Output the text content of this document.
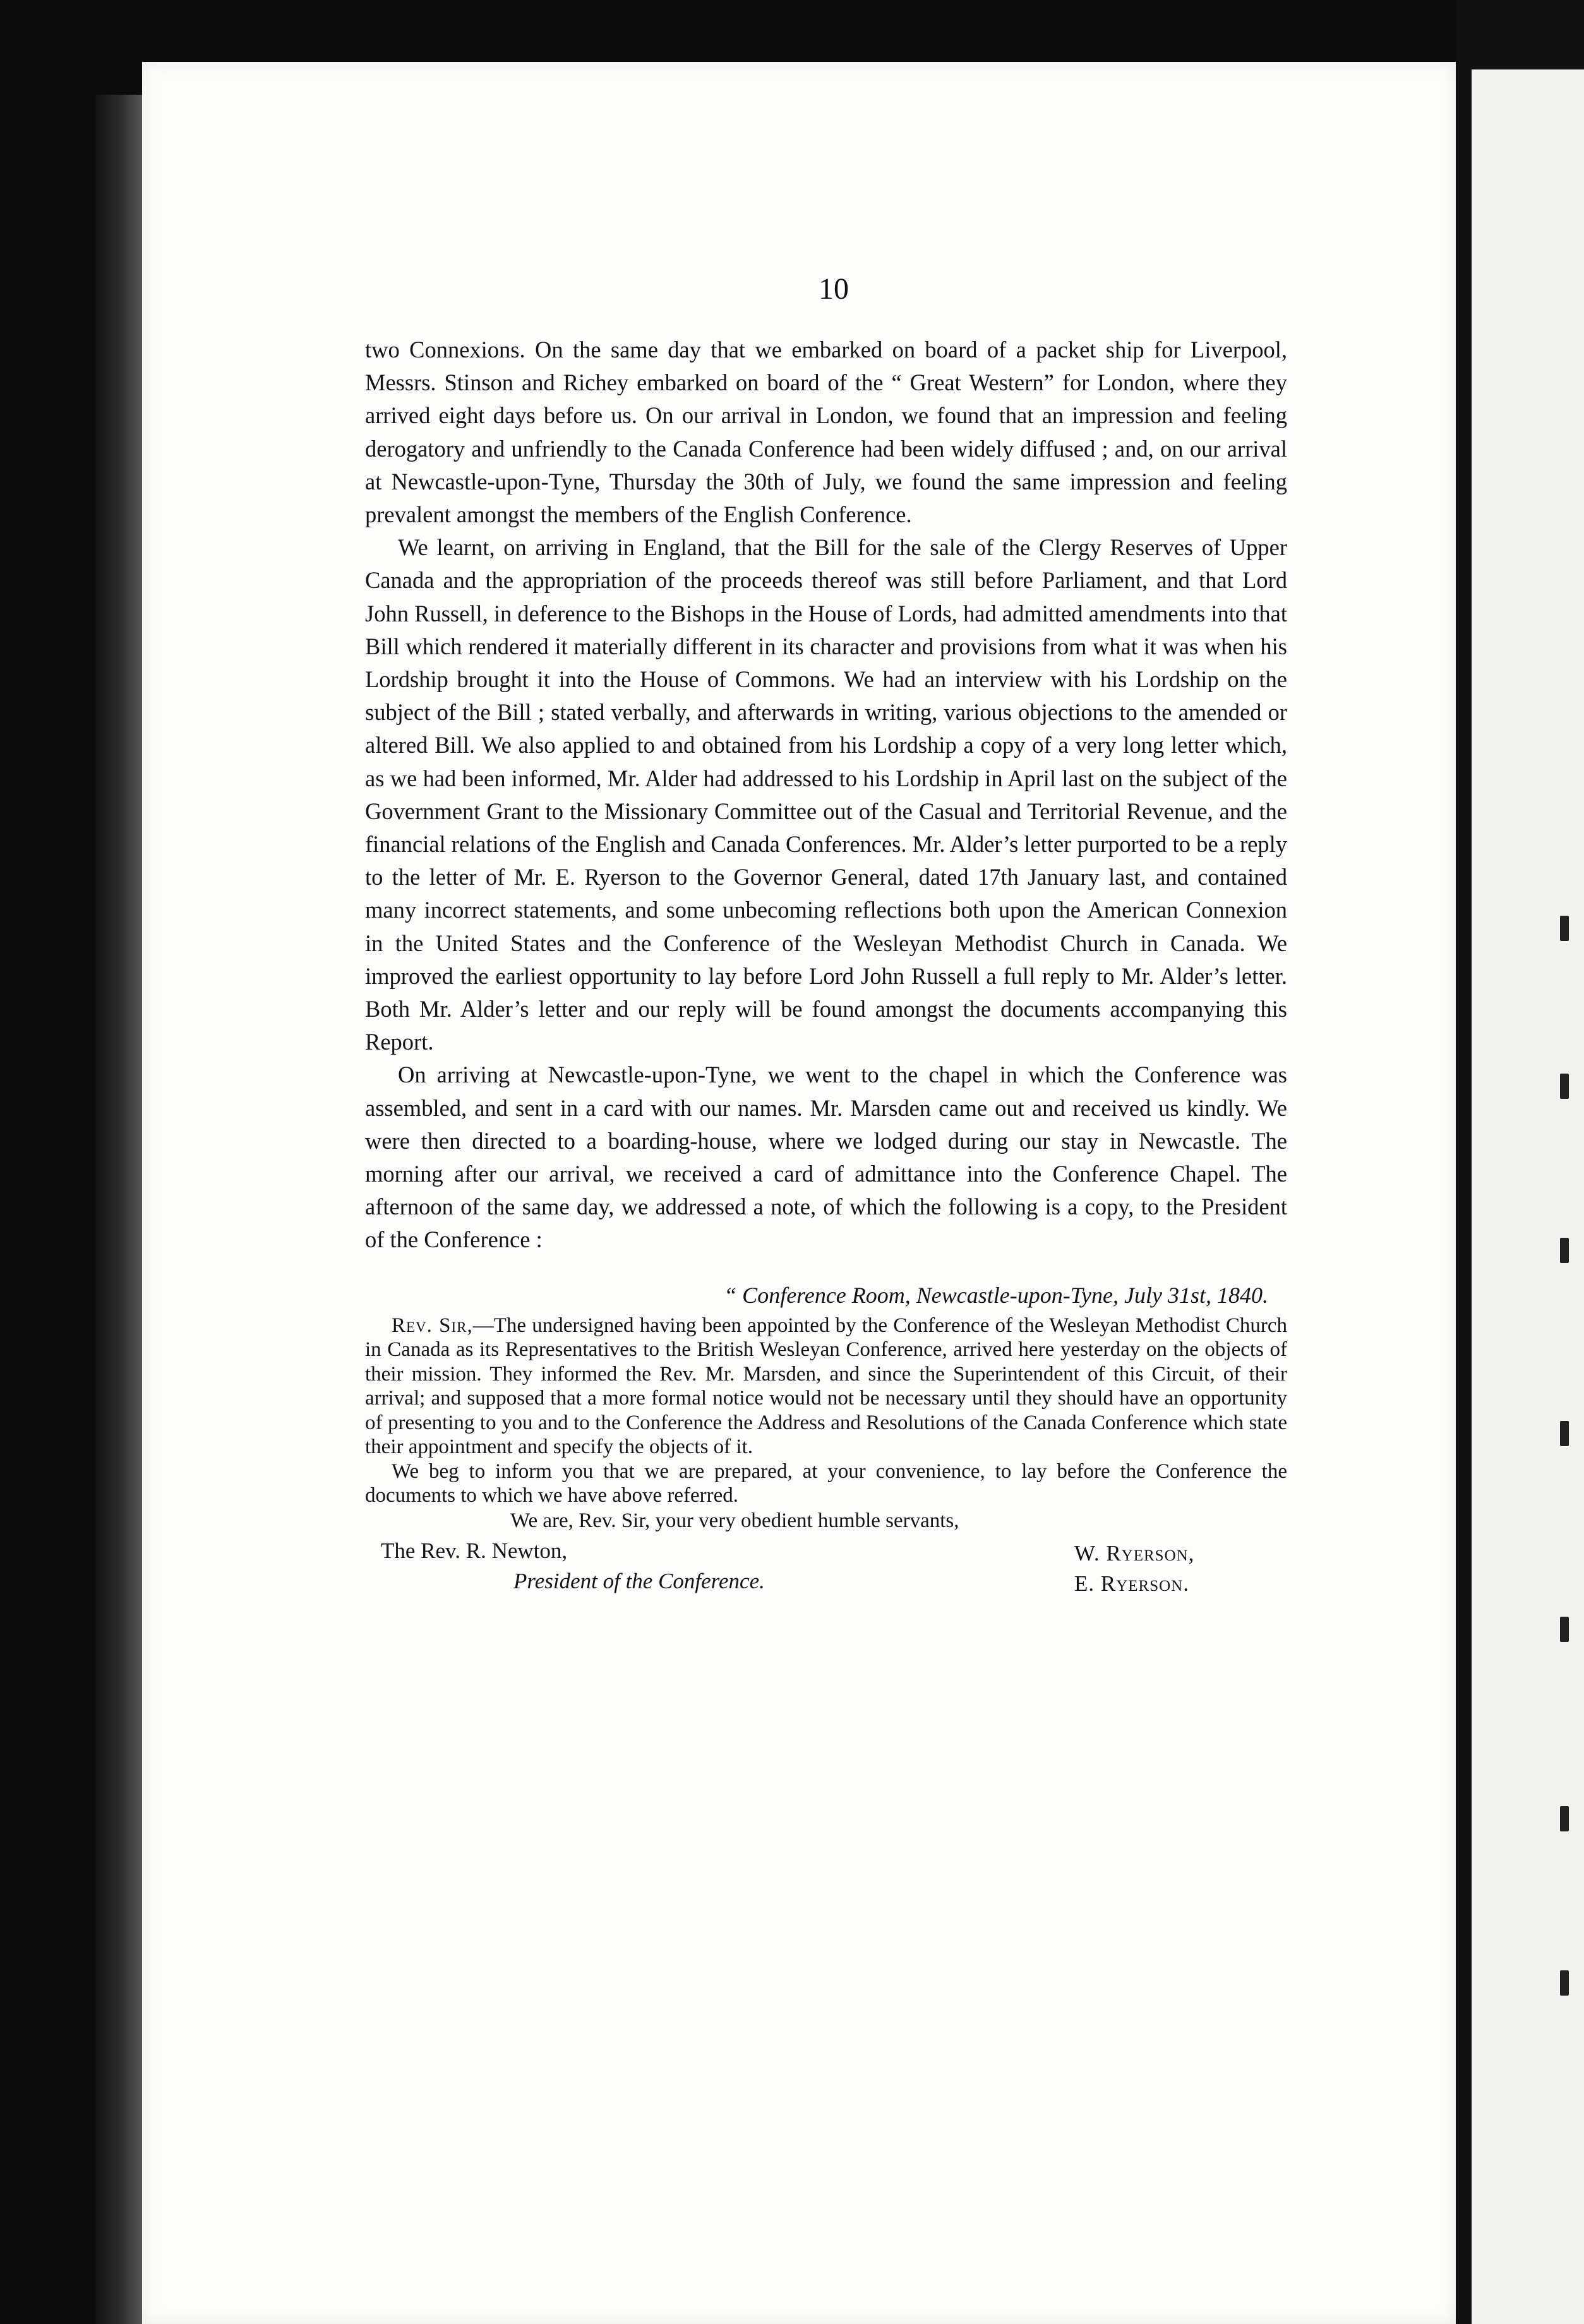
10

two Connexions. On the same day that we embarked on board of a packet ship for Liverpool, Messrs. Stinson and Richey embarked on board of the “ Great Western” for London, where they arrived eight days before us. On our arrival in London, we found that an impression and feeling derogatory and unfriendly to the Canada Conference had been widely diffused ; and, on our arrival at Newcastle-upon-Tyne, Thursday the 30th of July, we found the same impression and feeling prevalent amongst the members of the English Conference.

We learnt, on arriving in England, that the Bill for the sale of the Clergy Reserves of Upper Canada and the appropriation of the proceeds thereof was still before Parliament, and that Lord John Russell, in deference to the Bishops in the House of Lords, had admitted amendments into that Bill which rendered it materially different in its character and provisions from what it was when his Lordship brought it into the House of Commons. We had an interview with his Lordship on the subject of the Bill ; stated verbally, and afterwards in writing, various objections to the amended or altered Bill. We also applied to and obtained from his Lordship a copy of a very long letter which, as we had been informed, Mr. Alder had addressed to his Lordship in April last on the subject of the Government Grant to the Missionary Committee out of the Casual and Territorial Revenue, and the financial relations of the English and Canada Conferences. Mr. Alder’s letter purported to be a reply to the letter of Mr. E. Ryerson to the Governor General, dated 17th January last, and contained many incorrect statements, and some unbecoming reflections both upon the American Connexion in the United States and the Conference of the Wesleyan Methodist Church in Canada. We improved the earliest opportunity to lay before Lord John Russell a full reply to Mr. Alder’s letter. Both Mr. Alder’s letter and our reply will be found amongst the documents accompanying this Report.

On arriving at Newcastle-upon-Tyne, we went to the chapel in which the Conference was assembled, and sent in a card with our names. Mr. Marsden came out and received us kindly. We were then directed to a boarding-house, where we lodged during our stay in Newcastle. The morning after our arrival, we received a card of admittance into the Conference Chapel. The afternoon of the same day, we addressed a note, of which the following is a copy, to the President of the Conference :

“ Conference Room, Newcastle-upon-Tyne, July 31st, 1840.

Rev. Sir,—The undersigned having been appointed by the Conference of the Wesleyan Methodist Church in Canada as its Representatives to the British Wesleyan Conference, arrived here yesterday on the objects of their mission. They informed the Rev. Mr. Marsden, and since the Superintendent of this Circuit, of their arrival; and supposed that a more formal notice would not be necessary until they should have an opportunity of presenting to you and to the Conference the Address and Resolutions of the Canada Conference which state their appointment and specify the objects of it.

We beg to inform you that we are prepared, at your convenience, to lay before the Conference the documents to which we have above referred.

We are, Rev. Sir, your very obedient humble servants,

The Rev. R. Newton,
President of the Conference.
W. Ryerson,
E. Ryerson.
